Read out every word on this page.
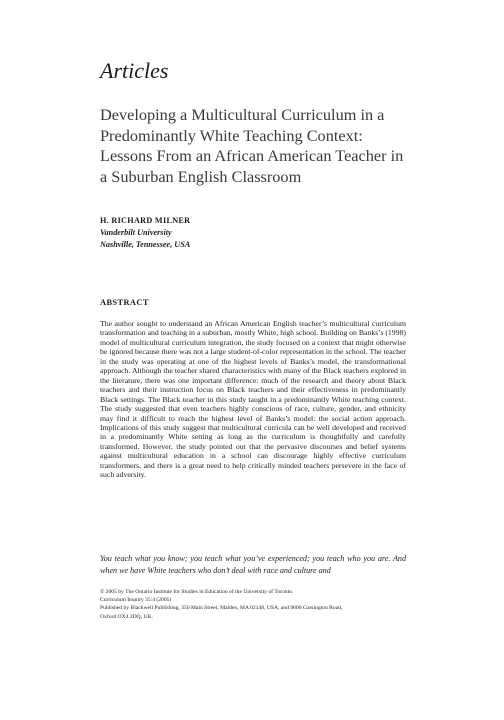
Articles
Developing a Multicultural Curriculum in a Predominantly White Teaching Context: Lessons From an African American Teacher in a Suburban English Classroom
H. RICHARD MILNER
Vanderbilt University
Nashville, Tennessee, USA
ABSTRACT

The author sought to understand an African American English teacher’s multicultural curriculum transformation and teaching in a suburban, mostly White, high school. Building on Banks’s (1998) model of multicultural curriculum integration, the study focused on a context that might otherwise be ignored because there was not a large student-of-color representation in the school. The teacher in the study was operating at one of the highest levels of Banks’s model, the transformational approach. Although the teacher shared characteristics with many of the Black teachers explored in the literature, there was one important difference: much of the research and theory about Black teachers and their instruction focus on Black teachers and their effectiveness in predominantly Black settings. The Black teacher in this study taught in a predominantly White teaching context. The study suggested that even teachers highly conscious of race, culture, gender, and ethnicity may find it difficult to reach the highest level of Banks’s model: the social action approach. Implications of this study suggest that multicultural curricula can be well developed and received in a predominantly White setting as long as the curriculum is thoughtfully and carefully transformed. However, the study pointed out that the pervasive discourses and belief systems against multicultural education in a school can discourage highly effective curriculum transformers, and there is a great need to help critically minded teachers persevere in the face of such adversity.

You teach what you know; you teach what you’ve experienced; you teach who you are. And when we have White teachers who don’t deal with race and culture and

© 2005 by The Ontario Institute for Studies in Education of the University of Toronto.
Curriculum Inquiry 35:4 (2005)
Published by Blackwell Publishing, 350 Main Street, Malden, MA 02148, USA, and 9600 Garsington Road,
Oxford OX4 2DQ, UK.
